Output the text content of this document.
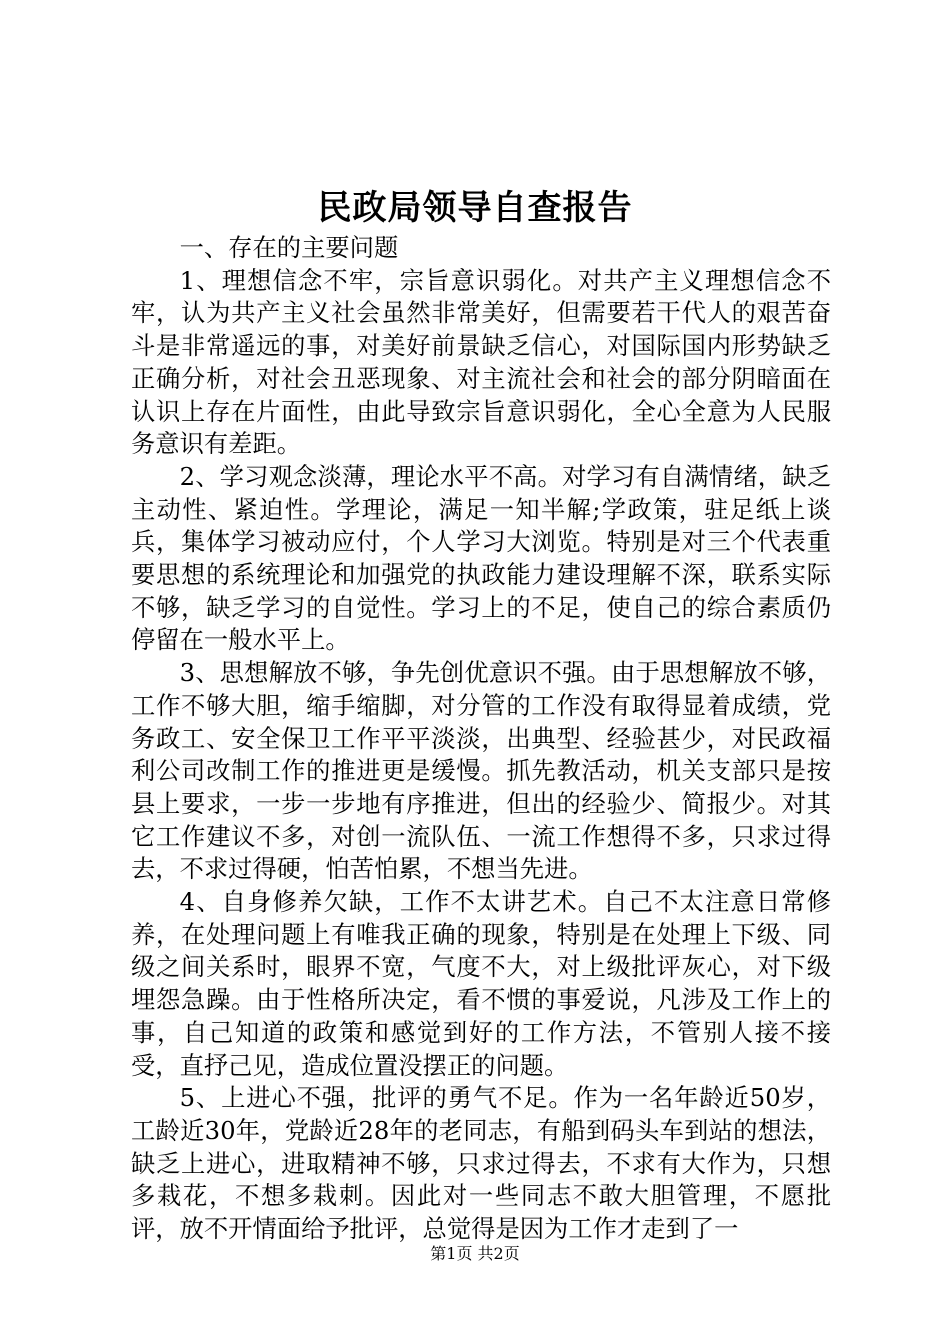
民政局领导自查报告

一、存在的主要问题

1、理想信念不牢，宗旨意识弱化。对共产主义理想信念不牢，认为共产主义社会虽然非常美好，但需要若干代人的艰苦奋斗是非常遥远的事，对美好前景缺乏信心，对国际国内形势缺乏正确分析，对社会丑恶现象、对主流社会和社会的部分阴暗面在认识上存在片面性，由此导致宗旨意识弱化，全心全意为人民服务意识有差距。

2、学习观念淡薄，理论水平不高。对学习有自满情绪，缺乏主动性、紧迫性。学理论，满足一知半解;学政策，驻足纸上谈兵，集体学习被动应付，个人学习大浏览。特别是对三个代表重要思想的系统理论和加强党的执政能力建设理解不深，联系实际不够，缺乏学习的自觉性。学习上的不足，使自己的综合素质仍停留在一般水平上。

3、思想解放不够，争先创优意识不强。由于思想解放不够，工作不够大胆，缩手缩脚，对分管的工作没有取得显着成绩，党务政工、安全保卫工作平平淡淡，出典型、经验甚少，对民政福利公司改制工作的推进更是缓慢。抓先教活动，机关支部只是按县上要求，一步一步地有序推进，但出的经验少、简报少。对其它工作建议不多，对创一流队伍、一流工作想得不多，只求过得去，不求过得硬，怕苦怕累，不想当先进。

4、自身修养欠缺，工作不太讲艺术。自己不太注意日常修养，在处理问题上有唯我正确的现象，特别是在处理上下级、同级之间关系时，眼界不宽，气度不大，对上级批评灰心，对下级埋怨急躁。由于性格所决定，看不惯的事爱说，凡涉及工作上的事，自己知道的政策和感觉到好的工作方法，不管别人接不接受，直抒己见，造成位置没摆正的问题。

5、上进心不强，批评的勇气不足。作为一名年龄近50岁，工龄近30年，党龄近28年的老同志，有船到码头车到站的想法，缺乏上进心，进取精神不够，只求过得去，不求有大作为，只想多栽花，不想多栽刺。因此对一些同志不敢大胆管理，不愿批评，放不开情面给予批评，总觉得是因为工作才走到了一

第1页 共2页
